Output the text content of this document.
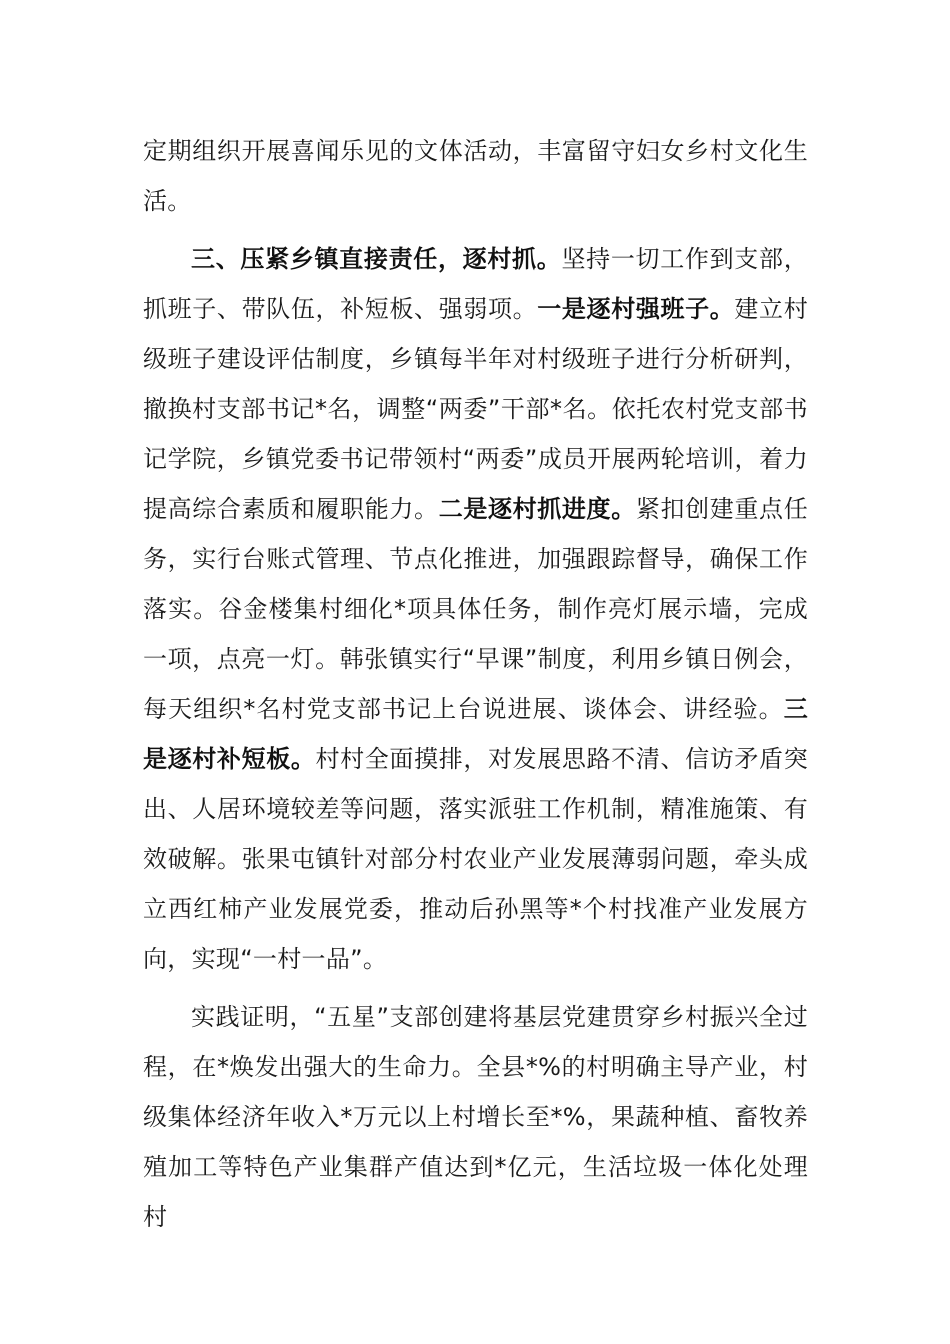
定期组织开展喜闻乐见的文体活动，丰富留守妇女乡村文化生活。

三、压紧乡镇直接责任，逐村抓。坚持一切工作到支部，抓班子、带队伍，补短板、强弱项。一是逐村强班子。建立村级班子建设评估制度，乡镇每半年对村级班子进行分析研判，撤换村支部书记*名，调整“两委”干部*名。依托农村党支部书记学院，乡镇党委书记带领村“两委”成员开展两轮培训，着力提高综合素质和履职能力。二是逐村抓进度。紧扣创建重点任务，实行台账式管理、节点化推进，加强跟踪督导，确保工作落实。谷金楼集村细化*项具体任务，制作亮灯展示墙，完成一项，点亮一灯。韩张镇实行“早课”制度，利用乡镇日例会，每天组织*名村党支部书记上台说进展、谈体会、讲经验。三是逐村补短板。村村全面摸排，对发展思路不清、信访矛盾突出、人居环境较差等问题，落实派驻工作机制，精准施策、有效破解。张果屯镇针对部分村农业产业发展薄弱问题，牵头成立西红柿产业发展党委，推动后孙黑等*个村找准产业发展方向，实现“一村一品”。

实践证明，“五星”支部创建将基层党建贯穿乡村振兴全过程，在*焕发出强大的生命力。全县*%的村明确主导产业，村级集体经济年收入*万元以上村增长至*%，果蔬种植、畜牧养殖加工等特色产业集群产值达到*亿元，生活垃圾一体化处理村
